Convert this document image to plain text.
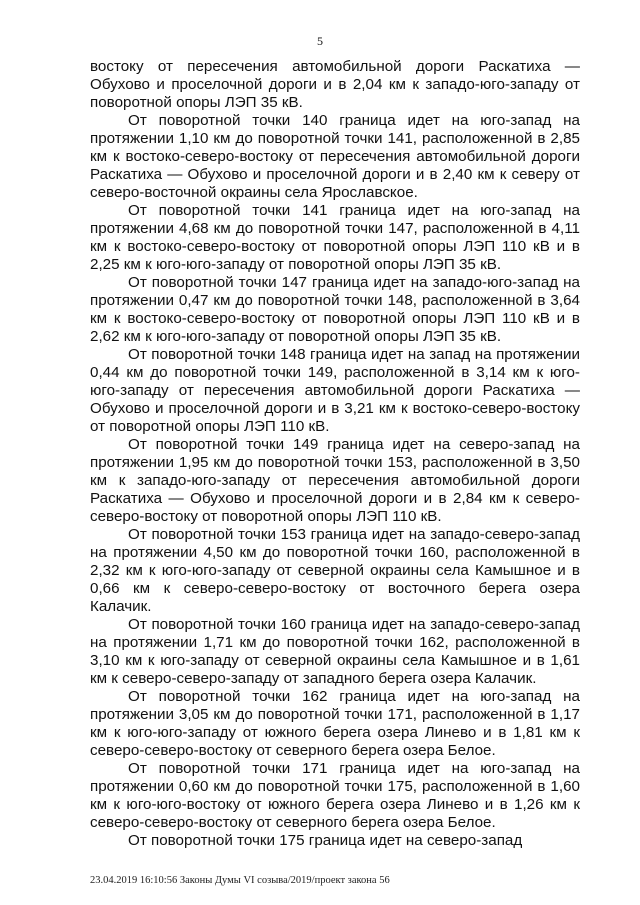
5

востоку от пересечения автомобильной дороги Раскатиха — Обухово и проселочной дороги и в 2,04 км к западо-юго-западу от поворотной опоры ЛЭП 35 кВ.

От поворотной точки 140 граница идет на юго-запад на протяжении 1,10 км до поворотной точки 141, расположенной в 2,85 км к востоко-северо-востоку от пересечения автомобильной дороги Раскатиха — Обухово и проселочной дороги и в 2,40 км к северу от северо-восточной окраины села Ярославское.

От поворотной точки 141 граница идет на юго-запад на протяжении 4,68 км до поворотной точки 147, расположенной в 4,11 км к востоко-северо-востоку от поворотной опоры ЛЭП 110 кВ и в 2,25 км к юго-юго-западу от поворотной опоры ЛЭП 35 кВ.

От поворотной точки 147 граница идет на западо-юго-запад на протяжении 0,47 км до поворотной точки 148, расположенной в 3,64 км к востоко-северо-востоку от поворотной опоры ЛЭП 110 кВ и в 2,62 км к юго-юго-западу от поворотной опоры ЛЭП 35 кВ.

От поворотной точки 148 граница идет на запад на протяжении 0,44 км до поворотной точки 149, расположенной в 3,14 км к юго-юго-западу от пересечения автомобильной дороги Раскатиха — Обухово и проселочной дороги и в 3,21 км к востоко-северо-востоку от поворотной опоры ЛЭП 110 кВ.

От поворотной точки 149 граница идет на северо-запад на протяжении 1,95 км до поворотной точки 153, расположенной в 3,50 км к западо-юго-западу от пересечения автомобильной дороги Раскатиха — Обухово и проселочной дороги и в 2,84 км к северо-северо-востоку от поворотной опоры ЛЭП 110 кВ.

От поворотной точки 153 граница идет на западо-северо-запад на протяжении 4,50 км до поворотной точки 160, расположенной в 2,32 км к юго-юго-западу от северной окраины села Камышное и в 0,66 км к северо-северо-востоку от восточного берега озера Калачик.

От поворотной точки 160 граница идет на западо-северо-запад на протяжении 1,71 км до поворотной точки 162, расположенной в 3,10 км к юго-западу от северной окраины села Камышное и в 1,61 км к северо-северо-западу от западного берега озера Калачик.

От поворотной точки 162 граница идет на юго-запад на протяжении 3,05 км до поворотной точки 171, расположенной в 1,17 км к юго-юго-западу от южного берега озера Линево и в 1,81 км к северо-северо-востоку от северного берега озера Белое.

От поворотной точки 171 граница идет на юго-запад на протяжении 0,60 км до поворотной точки 175, расположенной в 1,60 км к юго-юго-востоку от южного берега озера Линево и в 1,26 км к северо-северо-востоку от северного берега озера Белое.

От поворотной точки 175 граница идет на северо-запад

23.04.2019 16:10:56 Законы Думы VI созыва/2019/проект закона 56
